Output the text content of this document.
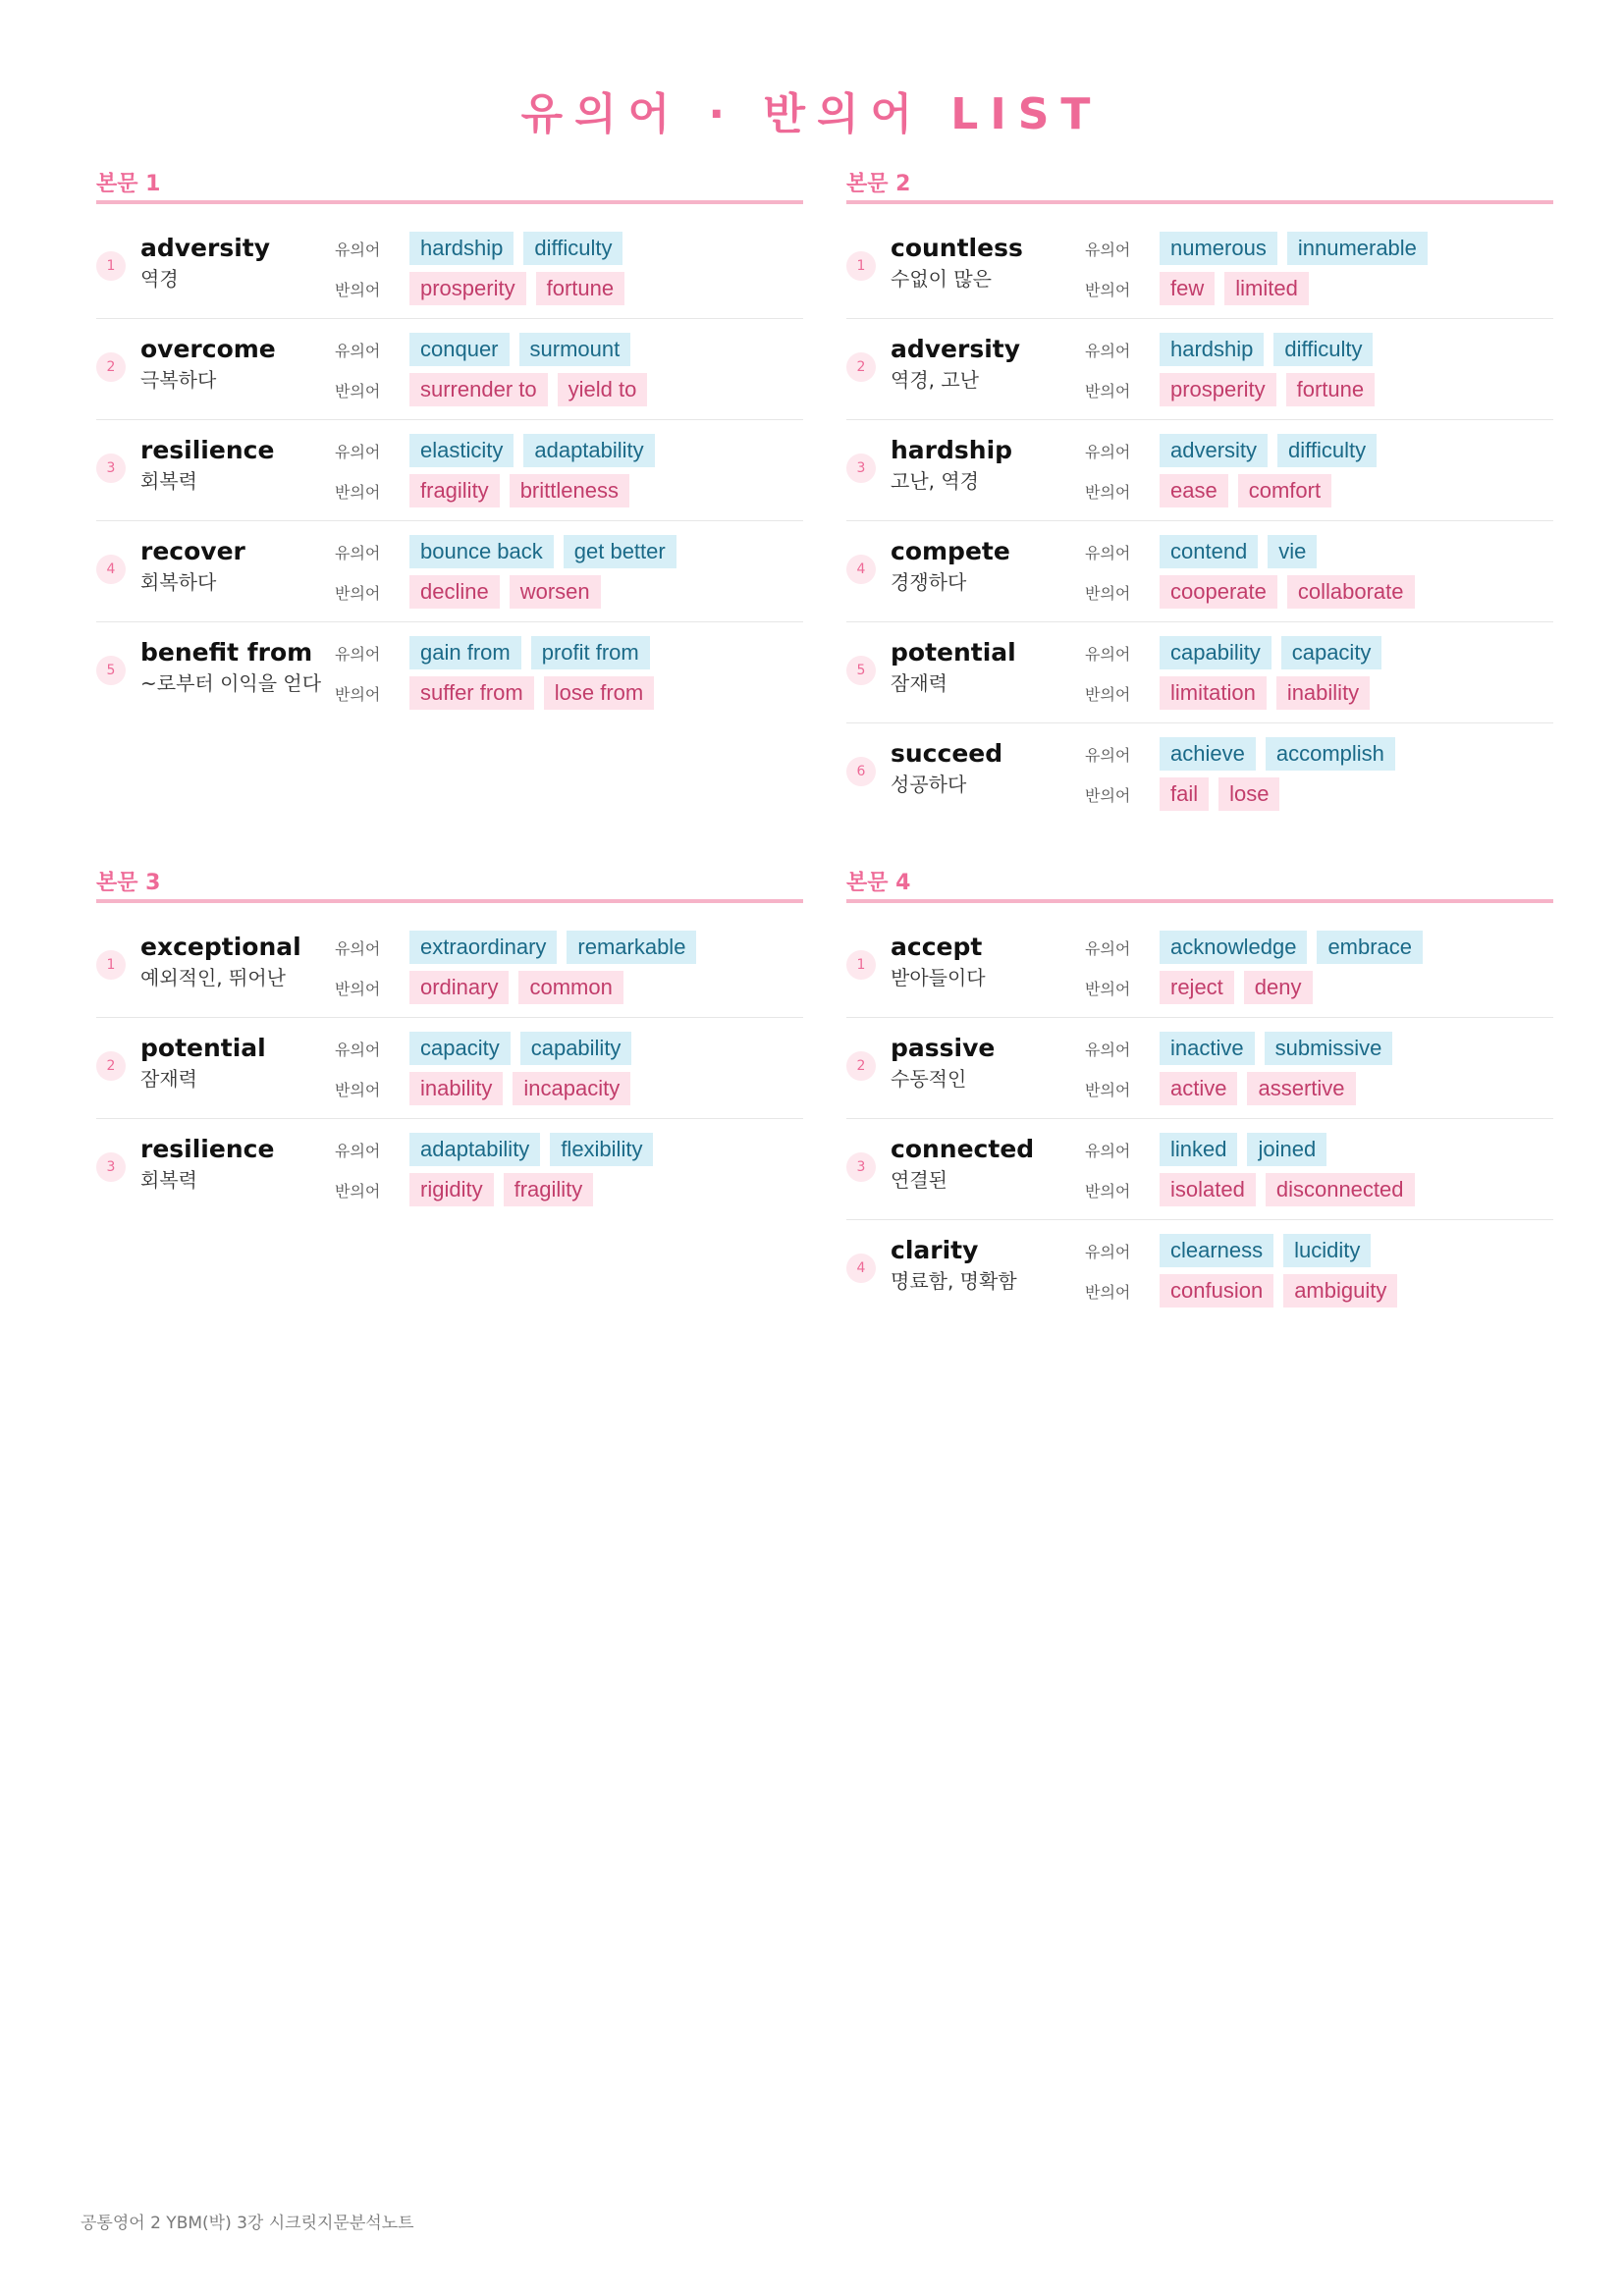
유의어 · 반의어 LIST
본문 1
1
adversity
역경
유의어	hardship	difficulty
반의어	prosperity	fortune
2
overcome
극복하다
유의어	conquer	surmount
반의어	surrender to	yield to
3
resilience
회복력
유의어	elasticity	adaptability
반의어	fragility	brittleness
4
recover
회복하다
유의어	bounce back	get better
반의어	decline	worsen
5
benefit from
~로부터 이익을 얻다
유의어	gain from	profit from
반의어	suffer from	lose from
본문 2
1
countless
수없이 많은
유의어	numerous	innumerable
반의어	few	limited
2
adversity
역경, 고난
유의어	hardship	difficulty
반의어	prosperity	fortune
3
hardship
고난, 역경
유의어	adversity	difficulty
반의어	ease	comfort
4
compete
경쟁하다
유의어	contend	vie
반의어	cooperate	collaborate
5
potential
잠재력
유의어	capability	capacity
반의어	limitation	inability
6
succeed
성공하다
유의어	achieve	accomplish
반의어	fail	lose
본문 3
1
exceptional
예외적인, 뛰어난
유의어	extraordinary	remarkable
반의어	ordinary	common
2
potential
잠재력
유의어	capacity	capability
반의어	inability	incapacity
3
resilience
회복력
유의어	adaptability	flexibility
반의어	rigidity	fragility
본문 4
1
accept
받아들이다
유의어	acknowledge	embrace
반의어	reject	deny
2
passive
수동적인
유의어	inactive	submissive
반의어	active	assertive
3
connected
연결된
유의어	linked	joined
반의어	isolated	disconnected
4
clarity
명료함, 명확함
유의어	clearness	lucidity
반의어	confusion	ambiguity
공통영어 2 YBM(박) 3강 시크릿지문분석노트
